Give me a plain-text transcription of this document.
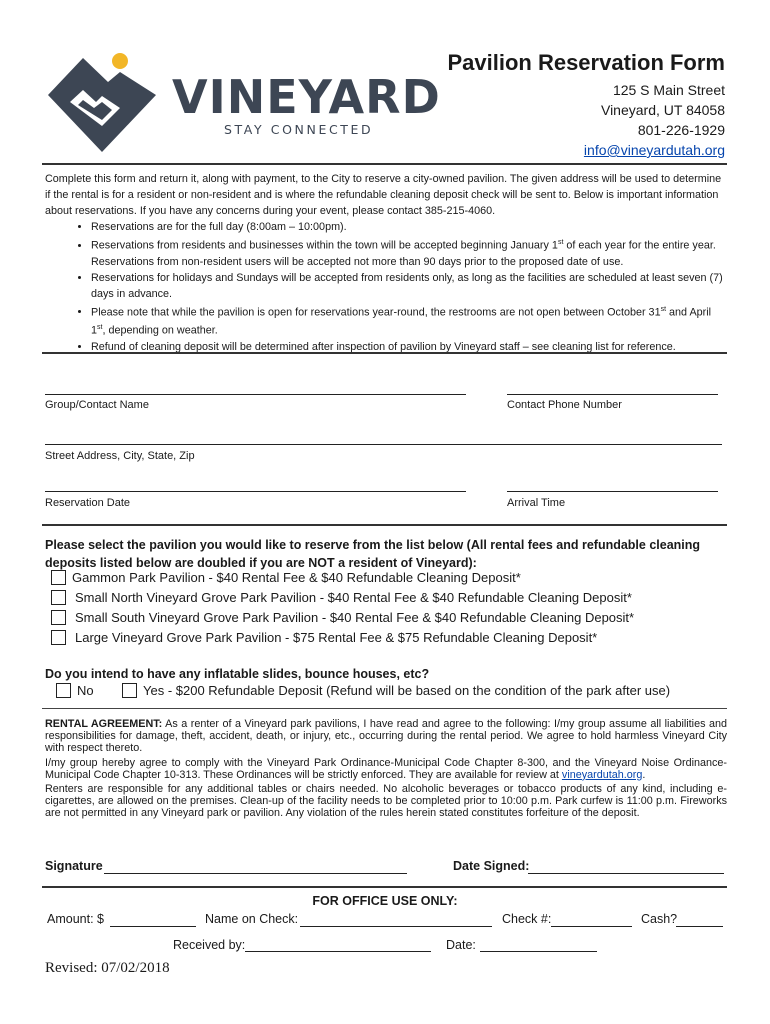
VINEYARD
STAY CONNECTED
Pavilion Reservation Form
125 S Main Street
Vineyard, UT 84058
801-226-1929
info@vineyardutah.org
Complete this form and return it, along with payment, to the City to reserve a city-owned pavilion. The given address will be used to determine if the rental is for a resident or non-resident and is where the refundable cleaning deposit check will be sent to. Below is important information about reservations. If you have any concerns during your event, please contact 385-215-4060.
• Reservations are for the full day (8:00am – 10:00pm).
• Reservations from residents and businesses within the town will be accepted beginning January 1st of each year for the entire year. Reservations from non-resident users will be accepted not more than 90 days prior to the proposed date of use.
• Reservations for holidays and Sundays will be accepted from residents only, as long as the facilities are scheduled at least seven (7) days in advance.
• Please note that while the pavilion is open for reservations year-round, the restrooms are not open between October 31st and April 1st, depending on weather.
• Refund of cleaning deposit will be determined after inspection of pavilion by Vineyard staff – see cleaning list for reference.
Group/Contact Name	Contact Phone Number
Street Address, City, State, Zip
Reservation Date	Arrival Time
Please select the pavilion you would like to reserve from the list below (All rental fees and refundable cleaning deposits listed below are doubled if you are NOT a resident of Vineyard):
Gammon Park Pavilion - $40 Rental Fee & $40 Refundable Cleaning Deposit*
Small North Vineyard Grove Park Pavilion - $40 Rental Fee & $40 Refundable Cleaning Deposit*
Small South Vineyard Grove Park Pavilion - $40 Rental Fee & $40 Refundable Cleaning Deposit*
Large Vineyard Grove Park Pavilion - $75 Rental Fee & $75 Refundable Cleaning Deposit*
Do you intend to have any inflatable slides, bounce houses, etc?
No	Yes - $200 Refundable Deposit (Refund will be based on the condition of the park after use)

RENTAL AGREEMENT: As a renter of a Vineyard park pavilions, I have read and agree to the following: I/my group assume all liabilities and responsibilities for damage, theft, accident, death, or injury, etc., occurring during the rental period. We agree to hold harmless Vineyard City with respect thereto.

I/my group hereby agree to comply with the Vineyard Park Ordinance-Municipal Code Chapter 8-300, and the Vineyard Noise Ordinance-Municipal Code Chapter 10-313. These Ordinances will be strictly enforced. They are available for review at vineyardutah.org.

Renters are responsible for any additional tables or chairs needed. No alcoholic beverages or tobacco products of any kind, including e-cigarettes, are allowed on the premises. Clean-up of the facility needs to be completed prior to 10:00 p.m. Park curfew is 11:00 p.m. Fireworks are not permitted in any Vineyard park or pavilion. Any violation of the rules herein stated constitutes forfeiture of the deposit.

Signature	Date Signed:
FOR OFFICE USE ONLY:
Amount: $	Name on Check:	Check #:	Cash?
Received by:	Date:
Revised: 07/02/2018
